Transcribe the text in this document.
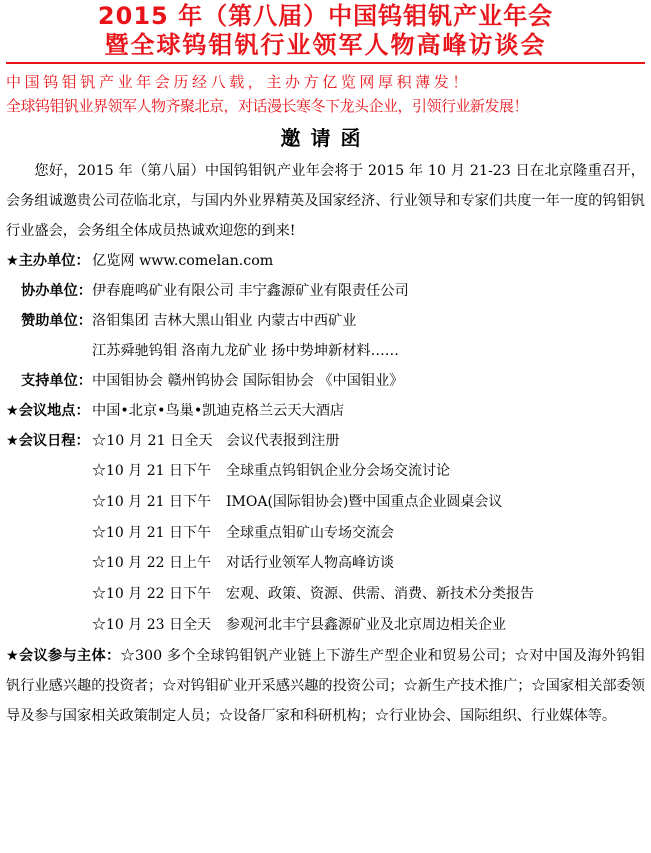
2015 年（第八届）中国钨钼钒产业年会
暨全球钨钼钒行业领军人物高峰访谈会
中国钨钼钒产业年会历经八载，主办方亿览网厚积薄发！
全球钨钼钒业界领军人物齐聚北京，对话漫长寒冬下龙头企业，引领行业新发展！
邀请函

您好，2015 年（第八届）中国钨钼钒产业年会将于 2015 年 10 月 21-23 日在北京隆重召开，会务组诚邀贵公司莅临北京，与国内外业界精英及国家经济、行业领导和专家们共度一年一度的钨钼钒行业盛会，会务组全体成员热诚欢迎您的到来!

★主办单位： 亿览网 www.comelan.com
协办单位： 伊春鹿鸣矿业有限公司 丰宁鑫源矿业有限责任公司
赞助单位： 洛钼集团 吉林大黑山钼业 内蒙古中西矿业
江苏舜驰钨钼 洛南九龙矿业 扬中势坤新材料……
支持单位： 中国钼协会 赣州钨协会 国际钼协会 《中国钼业》
★会议地点： 中国•北京•鸟巢•凯迪克格兰云天大酒店
★会议日程： ☆10 月 21 日全天 会议代表报到注册
☆10 月 21 日下午	全球重点钨钼钒企业分会场交流讨论
☆10 月 21 日下午	IMOA(国际钼协会)暨中国重点企业圆桌会议
☆10 月 21 日下午	全球重点钼矿山专场交流会
☆10 月 22 日上午	对话行业领军人物高峰访谈
☆10 月 22 日下午	宏观、政策、资源、供需、消费、新技术分类报告
☆10 月 23 日全天	参观河北丰宁县鑫源矿业及北京周边相关企业

★会议参与主体：☆300 多个全球钨钼钒产业链上下游生产型企业和贸易公司；☆对中国及海外钨钼钒行业感兴趣的投资者；☆对钨钼矿业开采感兴趣的投资公司；☆新生产技术推广；☆国家相关部委领导及参与国家相关政策制定人员；☆设备厂家和科研机构；☆行业协会、国际组织、行业媒体等。
